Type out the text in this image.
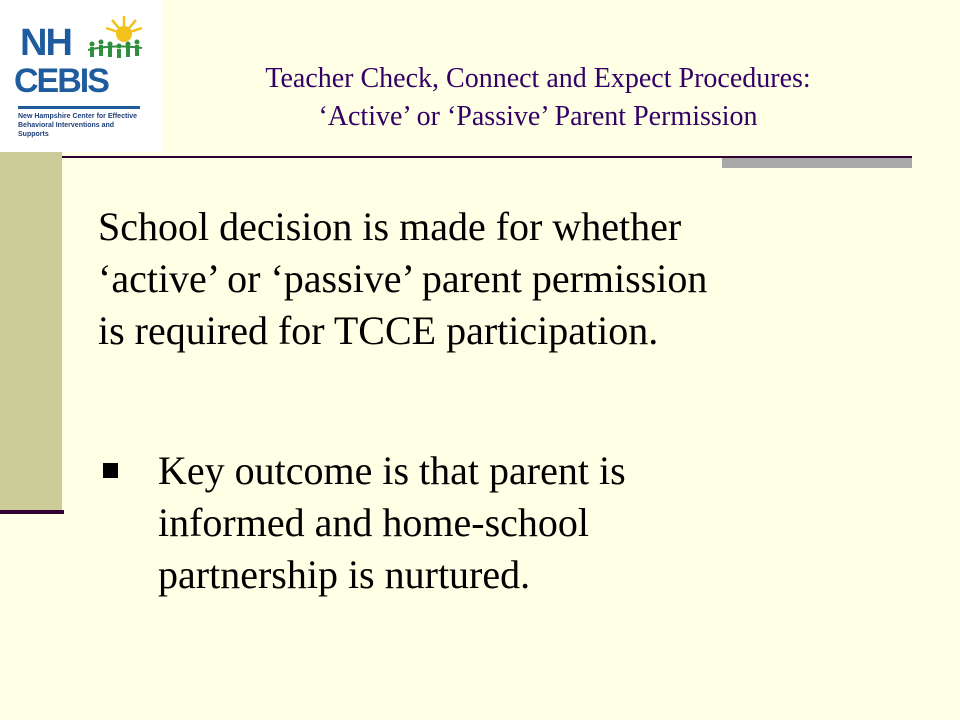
NH
CEBIS
New Hampshire Center for Effective
Behavioral Interventions and Supports
Teacher Check, Connect and Expect Procedures:
‘Active’ or ‘Passive’ Parent Permission
School decision is made for whether
‘active’ or ‘passive’ parent permission
is required for TCCE participation.
Key outcome is that parent is
informed and home-school
partnership is nurtured.
